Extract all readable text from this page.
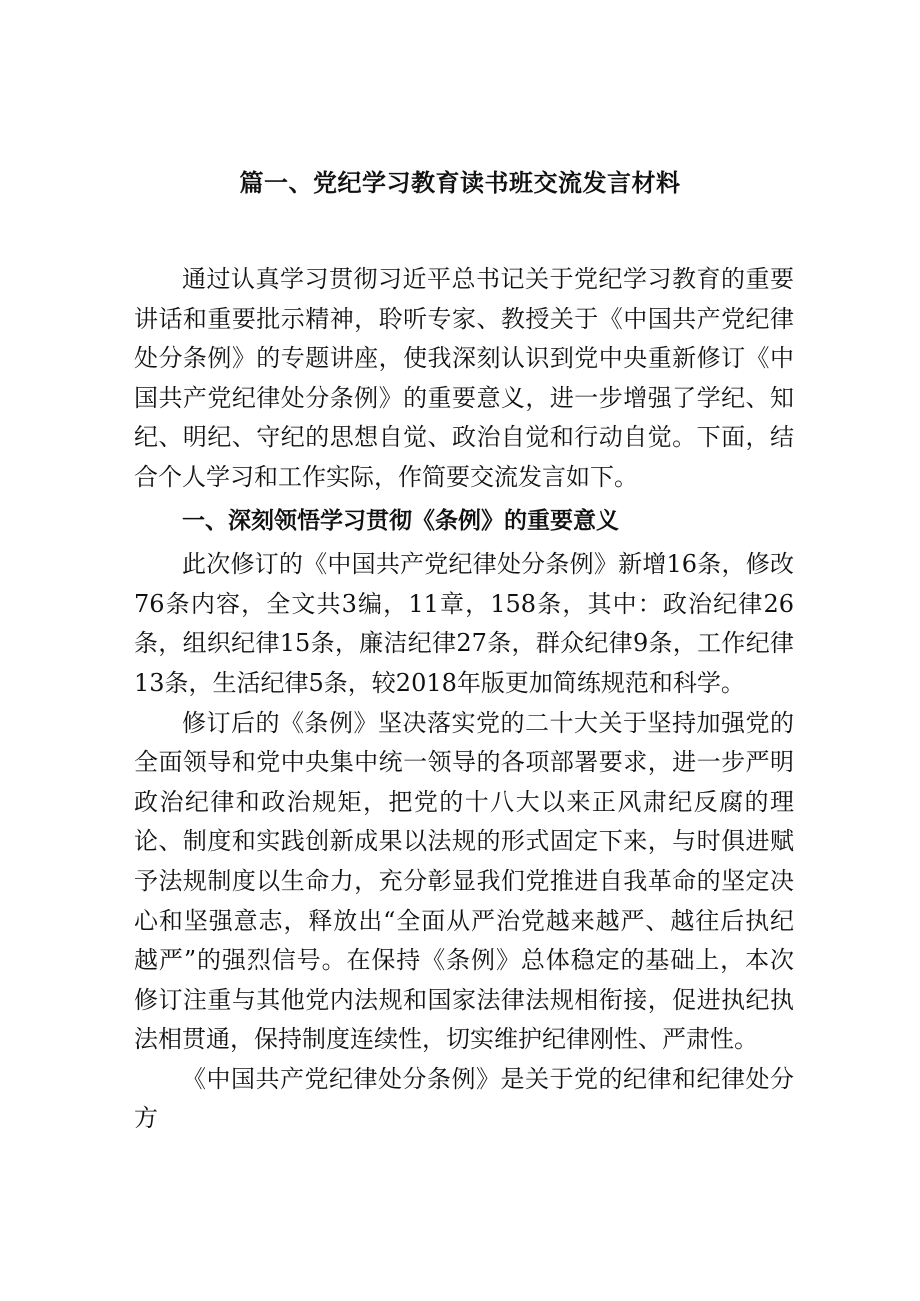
篇一、党纪学习教育读书班交流发言材料

通过认真学习贯彻习近平总书记关于党纪学习教育的重要讲话和重要批示精神，聆听专家、教授关于《中国共产党纪律处分条例》的专题讲座，使我深刻认识到党中央重新修订《中国共产党纪律处分条例》的重要意义，进一步增强了学纪、知纪、明纪、守纪的思想自觉、政治自觉和行动自觉。下面，结合个人学习和工作实际，作简要交流发言如下。

一、深刻领悟学习贯彻《条例》的重要意义

此次修订的《中国共产党纪律处分条例》新增16条，修改76条内容，全文共3编，11章，158条，其中：政治纪律26条，组织纪律15条，廉洁纪律27条，群众纪律9条，工作纪律13条，生活纪律5条，较2018年版更加简练规范和科学。

修订后的《条例》坚决落实党的二十大关于坚持加强党的全面领导和党中央集中统一领导的各项部署要求，进一步严明政治纪律和政治规矩，把党的十八大以来正风肃纪反腐的理论、制度和实践创新成果以法规的形式固定下来，与时俱进赋予法规制度以生命力，充分彰显我们党推进自我革命的坚定决心和坚强意志，释放出“全面从严治党越来越严、越往后执纪越严”的强烈信号。在保持《条例》总体稳定的基础上，本次修订注重与其他党内法规和国家法律法规相衔接，促进执纪执法相贯通，保持制度连续性，切实维护纪律刚性、严肃性。

《中国共产党纪律处分条例》是关于党的纪律和纪律处分方
